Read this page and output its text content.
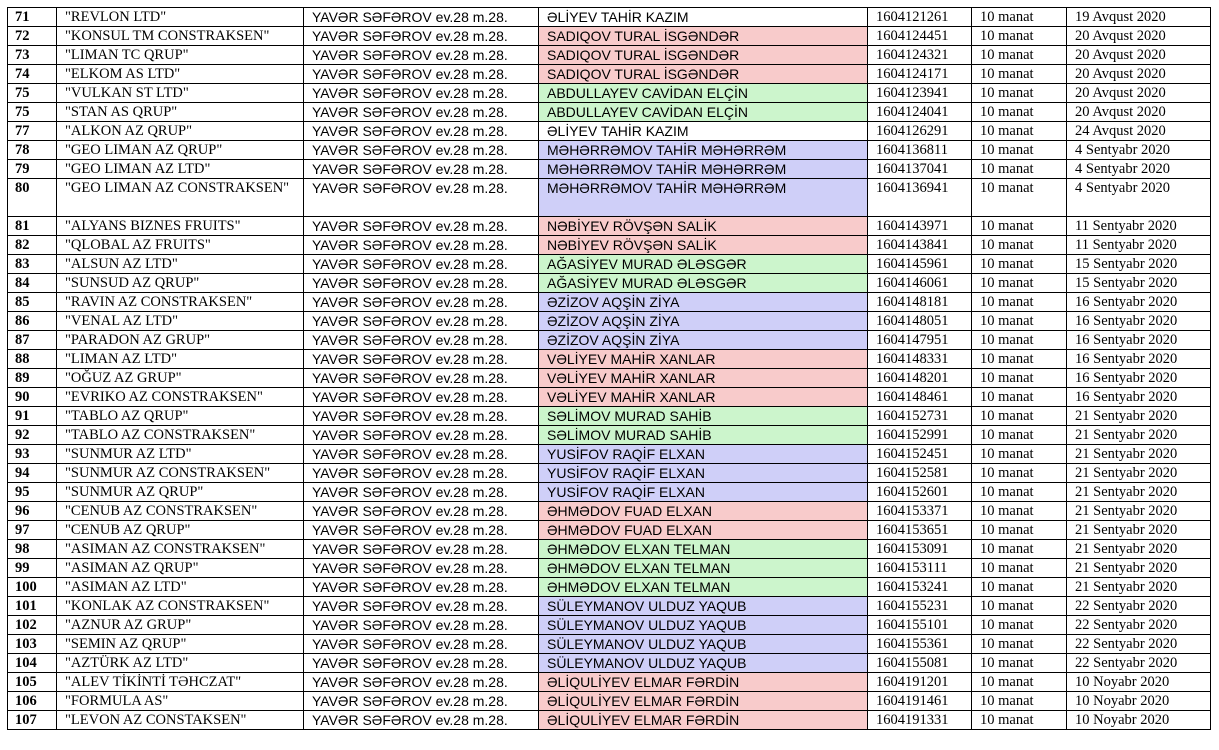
71	"REVLON LTD"	YAVƏR SƏFƏROV ev.28 m.28.	ƏLİYEV TAHİR KAZIM	1604121261	10 manat	19 Avqust 2020
72	"KONSUL TM CONSTRAKSEN"	YAVƏR SƏFƏROV ev.28 m.28.	SADIQOV TURAL İSGƏNDƏR	1604124451	10 manat	20 Avqust 2020
73	"LIMAN TC QRUP"	YAVƏR SƏFƏROV ev.28 m.28.	SADIQOV TURAL İSGƏNDƏR	1604124321	10 manat	20 Avqust 2020
74	"ELKOM AS LTD"	YAVƏR SƏFƏROV ev.28 m.28.	SADIQOV TURAL İSGƏNDƏR	1604124171	10 manat	20 Avqust 2020
75	"VULKAN ST LTD"	YAVƏR SƏFƏROV ev.28 m.28.	ABDULLAYEV CAVİDAN ELÇİN	1604123941	10 manat	20 Avqust 2020
75	"STAN AS QRUP"	YAVƏR SƏFƏROV ev.28 m.28.	ABDULLAYEV CAVİDAN ELÇİN	1604124041	10 manat	20 Avqust 2020
77	"ALKON AZ QRUP"	YAVƏR SƏFƏROV ev.28 m.28.	ƏLİYEV TAHİR KAZIM	1604126291	10 manat	24 Avqust 2020
78	"GEO LIMAN AZ QRUP"	YAVƏR SƏFƏROV ev.28 m.28.	MƏHƏRRƏMOV TAHİR MƏHƏRRƏM	1604136811	10 manat	4 Sentyabr 2020
79	"GEO LIMAN AZ LTD"	YAVƏR SƏFƏROV ev.28 m.28.	MƏHƏRRƏMOV TAHİR MƏHƏRRƏM	1604137041	10 manat	4 Sentyabr 2020
80	"GEO LIMAN AZ CONSTRAKSEN"	YAVƏR SƏFƏROV ev.28 m.28.	MƏHƏRRƏMOV TAHİR MƏHƏRRƏM	1604136941	10 manat	4 Sentyabr 2020
81	"ALYANS BIZNES FRUITS"	YAVƏR SƏFƏROV ev.28 m.28.	NƏBİYEV RÖVŞƏN SALİK	1604143971	10 manat	11 Sentyabr 2020
82	"QLOBAL AZ FRUITS"	YAVƏR SƏFƏROV ev.28 m.28.	NƏBİYEV RÖVŞƏN SALİK	1604143841	10 manat	11 Sentyabr 2020
83	"ALSUN AZ LTD"	YAVƏR SƏFƏROV ev.28 m.28.	AĞASİYEV MURAD ƏLƏSGƏR	1604145961	10 manat	15 Sentyabr 2020
84	"SUNSUD AZ QRUP"	YAVƏR SƏFƏROV ev.28 m.28.	AĞASİYEV MURAD ƏLƏSGƏR	1604146061	10 manat	15 Sentyabr 2020
85	"RAVIN AZ CONSTRAKSEN"	YAVƏR SƏFƏROV ev.28 m.28.	ƏZİZOV AQŞİN ZİYA	1604148181	10 manat	16 Sentyabr 2020
86	"VENAL AZ LTD"	YAVƏR SƏFƏROV ev.28 m.28.	ƏZİZOV AQŞİN ZİYA	1604148051	10 manat	16 Sentyabr 2020
87	"PARADON AZ GRUP"	YAVƏR SƏFƏROV ev.28 m.28.	ƏZİZOV AQŞİN ZİYA	1604147951	10 manat	16 Sentyabr 2020
88	"LIMAN AZ LTD"	YAVƏR SƏFƏROV ev.28 m.28.	VƏLİYEV MAHİR XANLAR	1604148331	10 manat	16 Sentyabr 2020
89	"OĞUZ AZ GRUP"	YAVƏR SƏFƏROV ev.28 m.28.	VƏLİYEV MAHİR XANLAR	1604148201	10 manat	16 Sentyabr 2020
90	"EVRIKO AZ CONSTRAKSEN"	YAVƏR SƏFƏROV ev.28 m.28.	VƏLİYEV MAHİR XANLAR	1604148461	10 manat	16 Sentyabr 2020
91	"TABLO AZ QRUP"	YAVƏR SƏFƏROV ev.28 m.28.	SƏLİMOV MURAD SAHİB	1604152731	10 manat	21 Sentyabr 2020
92	"TABLO AZ CONSTRAKSEN"	YAVƏR SƏFƏROV ev.28 m.28.	SƏLİMOV MURAD SAHİB	1604152991	10 manat	21 Sentyabr 2020
93	"SUNMUR AZ LTD"	YAVƏR SƏFƏROV ev.28 m.28.	YUSİFOV RAQİF ELXAN	1604152451	10 manat	21 Sentyabr 2020
94	"SUNMUR AZ CONSTRAKSEN"	YAVƏR SƏFƏROV ev.28 m.28.	YUSİFOV RAQİF ELXAN	1604152581	10 manat	21 Sentyabr 2020
95	"SUNMUR AZ QRUP"	YAVƏR SƏFƏROV ev.28 m.28.	YUSİFOV RAQİF ELXAN	1604152601	10 manat	21 Sentyabr 2020
96	"CENUB AZ CONSTRAKSEN"	YAVƏR SƏFƏROV ev.28 m.28.	ƏHMƏDOV FUAD ELXAN	1604153371	10 manat	21 Sentyabr 2020
97	"CENUB AZ QRUP"	YAVƏR SƏFƏROV ev.28 m.28.	ƏHMƏDOV FUAD ELXAN	1604153651	10 manat	21 Sentyabr 2020
98	"ASIMAN AZ CONSTRAKSEN"	YAVƏR SƏFƏROV ev.28 m.28.	ƏHMƏDOV ELXAN TELMAN	1604153091	10 manat	21 Sentyabr 2020
99	"ASIMAN AZ QRUP"	YAVƏR SƏFƏROV ev.28 m.28.	ƏHMƏDOV ELXAN TELMAN	1604153111	10 manat	21 Sentyabr 2020
100	"ASIMAN AZ LTD"	YAVƏR SƏFƏROV ev.28 m.28.	ƏHMƏDOV ELXAN TELMAN	1604153241	10 manat	21 Sentyabr 2020
101	"KONLAK AZ CONSTRAKSEN"	YAVƏR SƏFƏROV ev.28 m.28.	SÜLEYMANOV ULDUZ YAQUB	1604155231	10 manat	22 Sentyabr 2020
102	"AZNUR AZ GRUP"	YAVƏR SƏFƏROV ev.28 m.28.	SÜLEYMANOV ULDUZ YAQUB	1604155101	10 manat	22 Sentyabr 2020
103	"SEMIN AZ QRUP"	YAVƏR SƏFƏROV ev.28 m.28.	SÜLEYMANOV ULDUZ YAQUB	1604155361	10 manat	22 Sentyabr 2020
104	"AZTÜRK AZ LTD"	YAVƏR SƏFƏROV ev.28 m.28.	SÜLEYMANOV ULDUZ YAQUB	1604155081	10 manat	22 Sentyabr 2020
105	"ALEV TİKİNTİ TƏHCZAT"	YAVƏR SƏFƏROV ev.28 m.28.	ƏLİQULİYEV ELMAR FƏRDİN	1604191201	10 manat	10 Noyabr 2020
106	"FORMULA AS"	YAVƏR SƏFƏROV ev.28 m.28.	ƏLİQULİYEV ELMAR FƏRDİN	1604191461	10 manat	10 Noyabr 2020
107	"LEVON AZ CONSTAKSEN"	YAVƏR SƏFƏROV ev.28 m.28.	ƏLİQULİYEV ELMAR FƏRDİN	1604191331	10 manat	10 Noyabr 2020
